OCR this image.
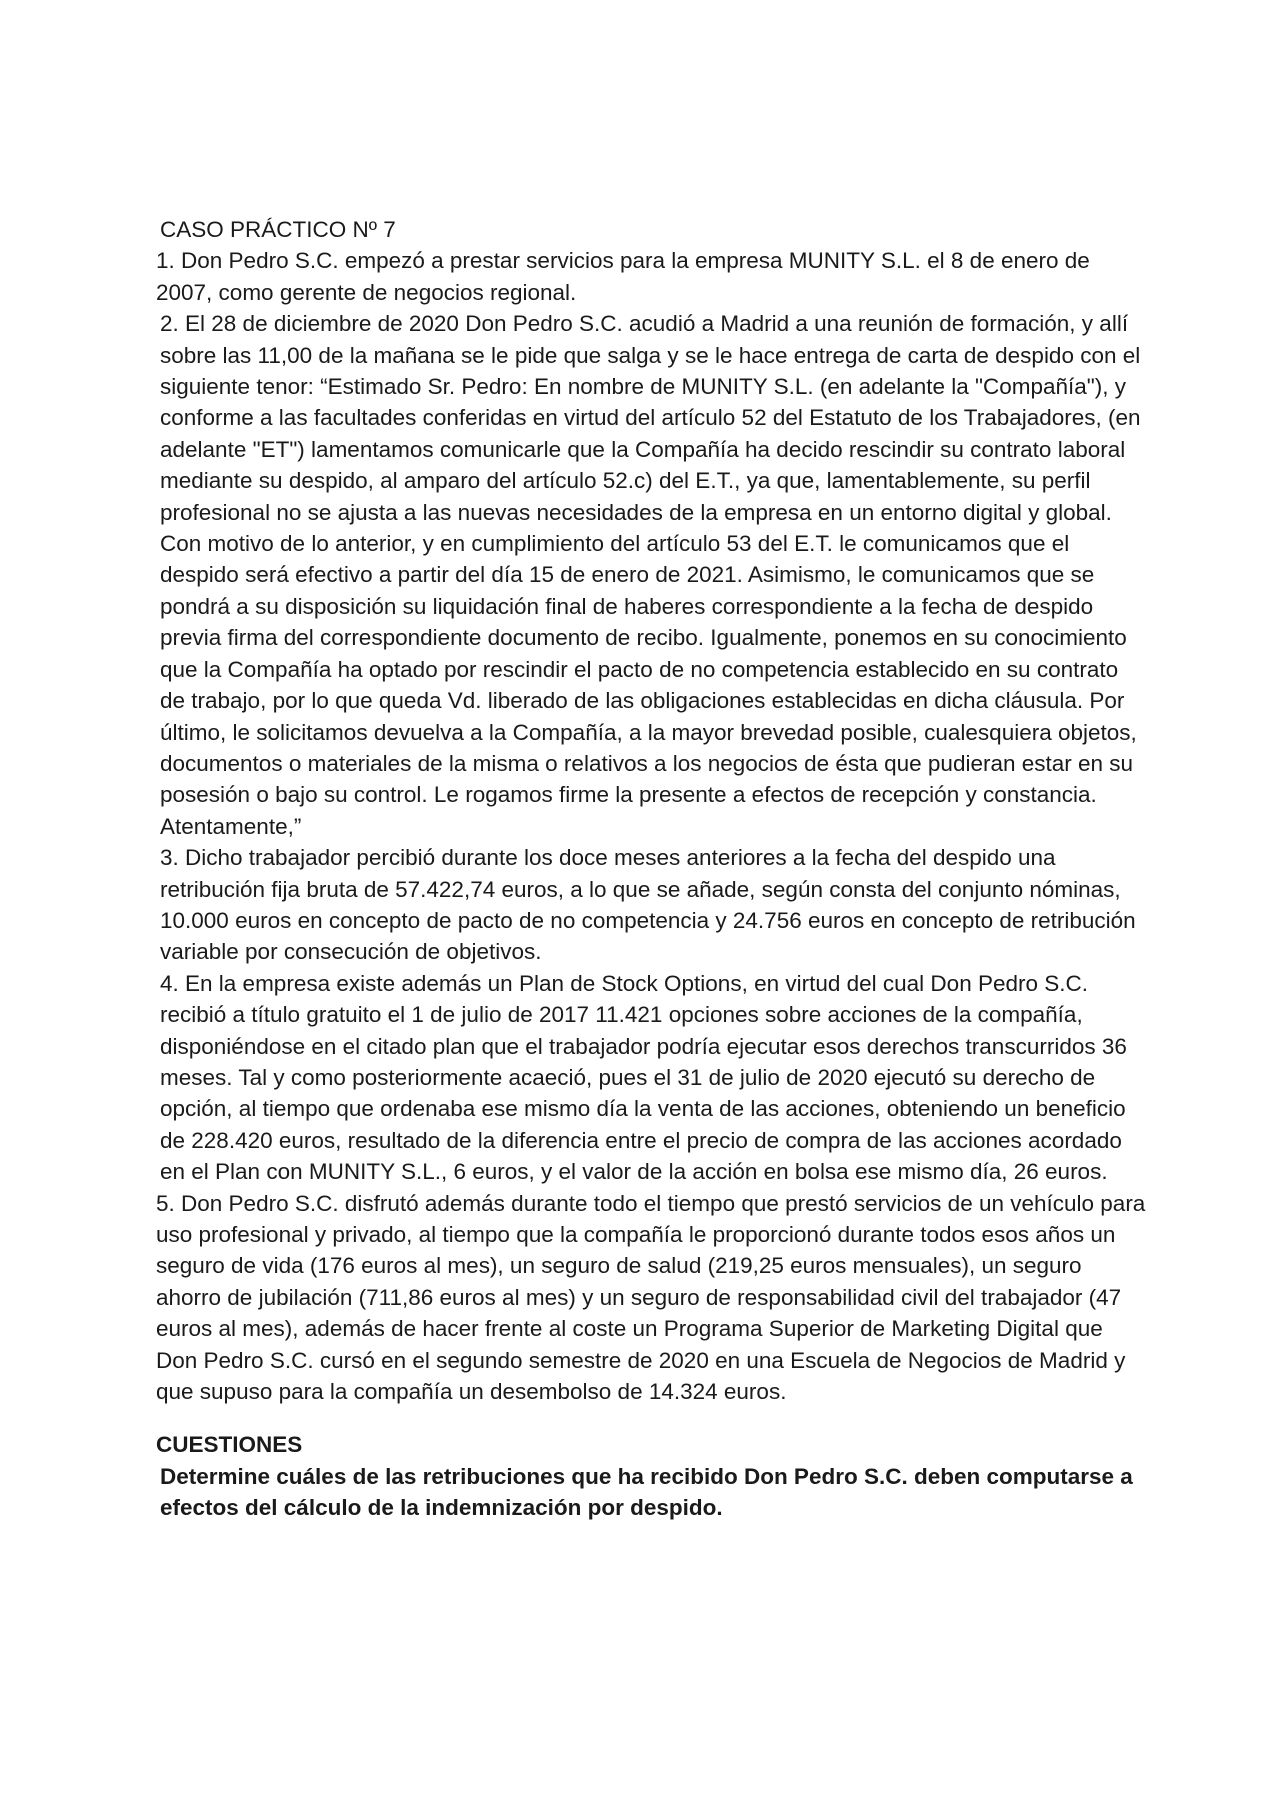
CASO PRÁCTICO Nº 7

1. Don Pedro S.C. empezó a prestar servicios para la empresa MUNITY S.L. el 8 de enero de 2007, como gerente de negocios regional.

2. El 28 de diciembre de 2020 Don Pedro S.C. acudió a Madrid a una reunión de formación, y allí sobre las 11,00 de la mañana se le pide que salga y se le hace entrega de carta de despido con el siguiente tenor: “Estimado Sr. Pedro: En nombre de MUNITY S.L. (en adelante la "Compañía"), y conforme a las facultades conferidas en virtud del artículo 52 del Estatuto de los Trabajadores, (en adelante "ET") lamentamos comunicarle que la Compañía ha decido rescindir su contrato laboral mediante su despido, al amparo del artículo 52.c) del E.T., ya que, lamentablemente, su perfil profesional no se ajusta a las nuevas necesidades de la empresa en un entorno digital y global. Con motivo de lo anterior, y en cumplimiento del artículo 53 del E.T. le comunicamos que el despido será efectivo a partir del día 15 de enero de 2021. Asimismo, le comunicamos que se pondrá a su disposición su liquidación final de haberes correspondiente a la fecha de despido previa firma del correspondiente documento de recibo. Igualmente, ponemos en su conocimiento que la Compañía ha optado por rescindir el pacto de no competencia establecido en su contrato de trabajo, por lo que queda Vd. liberado de las obligaciones establecidas en dicha cláusula. Por último, le solicitamos devuelva a la Compañía, a la mayor brevedad posible, cualesquiera objetos, documentos o materiales de la misma o relativos a los negocios de ésta que pudieran estar en su posesión o bajo su control. Le rogamos firme la presente a efectos de recepción y constancia. Atentamente,”

3. Dicho trabajador percibió durante los doce meses anteriores a la fecha del despido una retribución fija bruta de 57.422,74 euros, a lo que se añade, según consta del conjunto nóminas, 10.000 euros en concepto de pacto de no competencia y 24.756 euros en concepto de retribución variable por consecución de objetivos.

4. En la empresa existe además un Plan de Stock Options, en virtud del cual Don Pedro S.C. recibió a título gratuito el 1 de julio de 2017 11.421 opciones sobre acciones de la compañía, disponiéndose en el citado plan que el trabajador podría ejecutar esos derechos transcurridos 36 meses. Tal y como posteriormente acaeció, pues el 31 de julio de 2020 ejecutó su derecho de opción, al tiempo que ordenaba ese mismo día la venta de las acciones, obteniendo un beneficio de 228.420 euros, resultado de la diferencia entre el precio de compra de las acciones acordado en el Plan con MUNITY S.L., 6 euros, y el valor de la acción en bolsa ese mismo día, 26 euros.

5. Don Pedro S.C. disfrutó además durante todo el tiempo que prestó servicios de un vehículo para uso profesional y privado, al tiempo que la compañía le proporcionó durante todos esos años un seguro de vida (176 euros al mes), un seguro de salud (219,25 euros mensuales), un seguro ahorro de jubilación (711,86 euros al mes) y un seguro de responsabilidad civil del trabajador (47 euros al mes), además de hacer frente al coste un Programa Superior de Marketing Digital que Don Pedro S.C. cursó en el segundo semestre de 2020 en una Escuela de Negocios de Madrid y que supuso para la compañía un desembolso de 14.324 euros.

CUESTIONES

Determine cuáles de las retribuciones que ha recibido Don Pedro S.C. deben computarse a efectos del cálculo de la indemnización por despido.
